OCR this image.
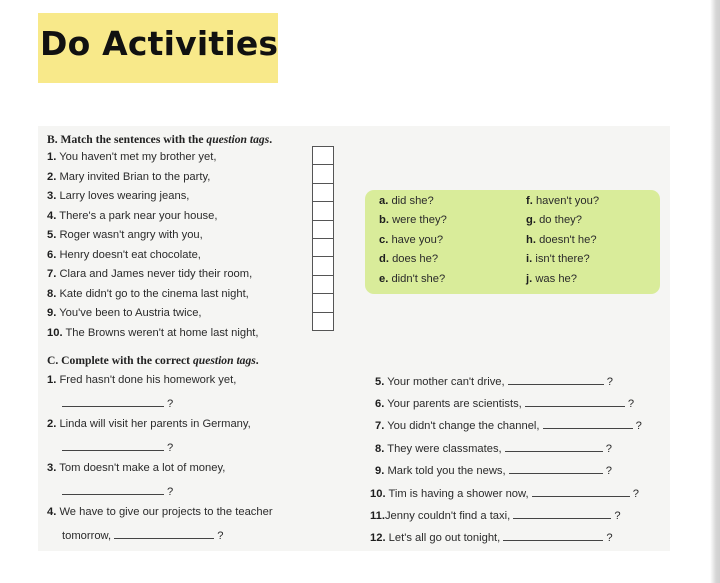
Do Activities
B. Match the sentences with the question tags.
1. You haven't met my brother yet,
2. Mary invited Brian to the party,
3. Larry loves wearing jeans,
4. There's a park near your house,
5. Roger wasn't angry with you,
6. Henry doesn't eat chocolate,
7. Clara and James never tidy their room,
8. Kate didn't go to the cinema last night,
9. You've been to Austria twice,
10. The Browns weren't at home last night,
a. did she?
b. were they?
c. have you?
d. does he?
e. didn't she?
f. haven't you?
g. do they?
h. doesn't he?
i. isn't there?
j. was he?
C. Complete with the correct question tags.
1. Fred hasn't done his homework yet,
?
2. Linda will visit her parents in Germany,
?
3. Tom doesn't make a lot of money,
?
4. We have to give our projects to the teacher
tomorrow,	?
5. Your mother can't drive,	?
6. Your parents are scientists,	?
7. You didn't change the channel,	?
8. They were classmates,	?
9. Mark told you the news,	?
10. Tim is having a shower now,	?
11.Jenny couldn't find a taxi,	?
12. Let's all go out tonight,	?
